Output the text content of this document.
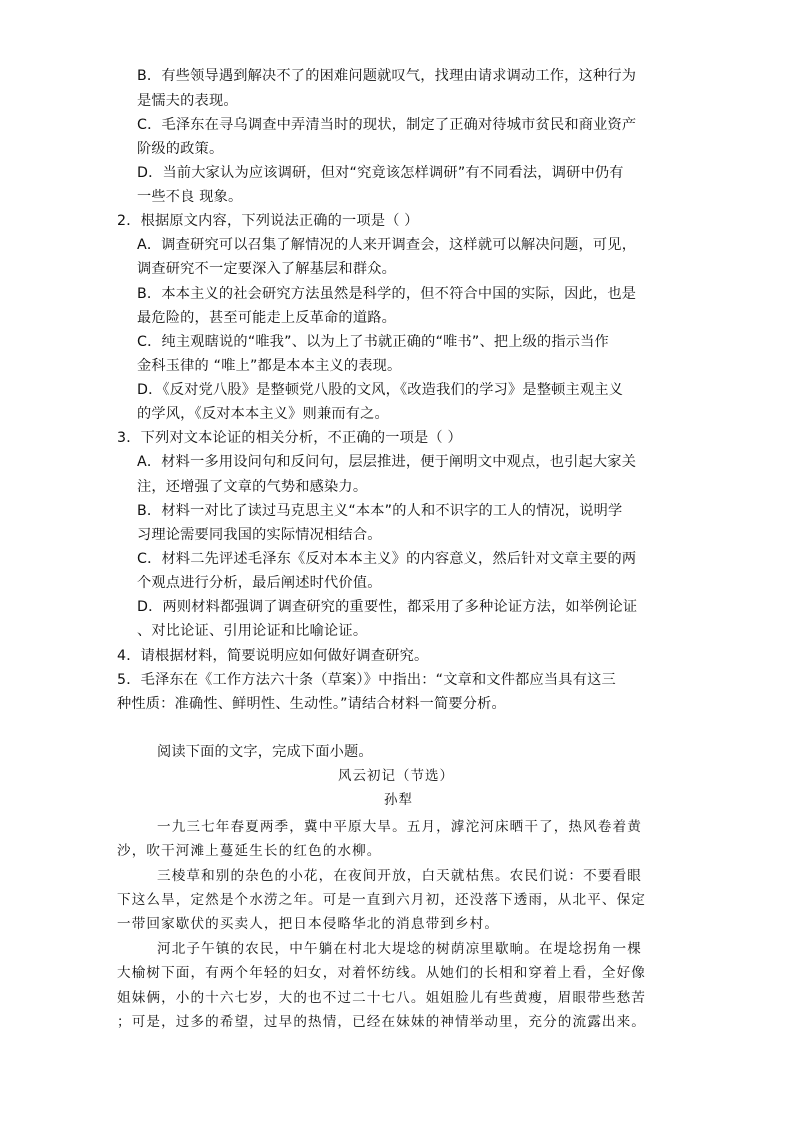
B．有些领导遇到解决不了的困难问题就叹气，找理由请求调动工作，这种行为
是懦夫的表现。
C．毛泽东在寻乌调查中弄清当时的现状，制定了正确对待城市贫民和商业资产
阶级的政策。
D．当前大家认为应该调研，但对“究竟该怎样调研”有不同看法，调研中仍有
一些不良 现象。
2．根据原文内容，下列说法正确的一项是（ ）
A．调查研究可以召集了解情况的人来开调查会，这样就可以解决问题，可见，
调查研究不一定要深入了解基层和群众。
B．本本主义的社会研究方法虽然是科学的，但不符合中国的实际，因此，也是
最危险的，甚至可能走上反革命的道路。
C．纯主观瞎说的“唯我”、以为上了书就正确的“唯书”、把上级的指示当作
金科玉律的 “唯上”都是本本主义的表现。
D．《反对党八股》是整顿党八股的文风，《改造我们的学习》是整顿主观主义
的学风，《反对本本主义》则兼而有之。
3．下列对文本论证的相关分析，不正确的一项是（ ）
A．材料一多用设问句和反问句，层层推进，便于阐明文中观点，也引起大家关
注，还增强了文章的气势和感染力。
B．材料一对比了读过马克思主义“本本”的人和不识字的工人的情况，说明学
习理论需要同我国的实际情况相结合。
C．材料二先评述毛泽东《反对本本主义》的内容意义，然后针对文章主要的两
个观点进行分析，最后阐述时代价值。
D．两则材料都强调了调查研究的重要性，都采用了多种论证方法，如举例论证
、对比论证、引用论证和比喻论证。
4．请根据材料，简要说明应如何做好调查研究。
5．毛泽东在《工作方法六十条（草案）》中指出：“文章和文件都应当具有这三
种性质：准确性、鲜明性、生动性。”请结合材料一简要分析。
阅读下面的文字，完成下面小题。
风云初记（节选）
孙犁
一九三七年春夏两季，冀中平原大旱。五月，滹沱河床晒干了，热风卷着黄
沙，吹干河滩上蔓延生长的红色的水柳。
三棱草和别的杂色的小花，在夜间开放，白天就枯焦。农民们说：不要看眼
下这么旱，定然是个水涝之年。可是一直到六月初，还没落下透雨，从北平、保定
一带回家歇伏的买卖人，把日本侵略华北的消息带到乡村。
河北子午镇的农民，中午躺在村北大堤埝的树荫凉里歇晌。在堤埝拐角一棵
大榆树下面，有两个年轻的妇女，对着怀纺线。从她们的长相和穿着上看，全好像
姐妹俩，小的十六七岁，大的也不过二十七八。姐姐脸儿有些黄瘦，眉眼带些愁苦
；可是，过多的希望，过早的热情，已经在妹妹的神情举动里，充分的流露出来。
